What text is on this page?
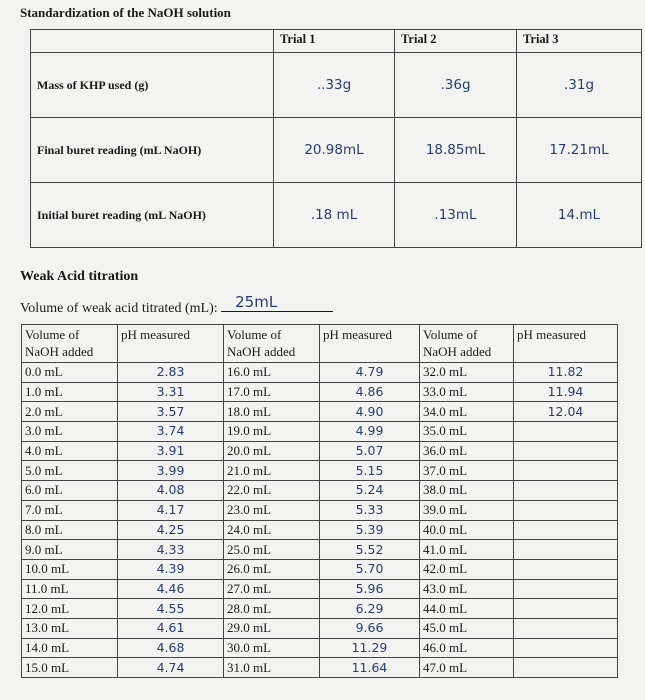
Standardization of the NaOH solution
	Trial 1	Trial 2	Trial 3
Mass of KHP used (g)	..33g	.36g	.31g
Final buret reading (mL NaOH)	20.98mL	18.85mL	17.21mL
Initial buret reading (mL NaOH)	.18 mL	.13mL	14.mL
Weak Acid titration
Volume of weak acid titrated (mL): 25mL
Volume of NaOH added	pH measured	Volume of NaOH added	pH measured	Volume of NaOH added	pH measured
0.0 mL	2.83	16.0 mL	4.79	32.0 mL	11.82
1.0 mL	3.31	17.0 mL	4.86	33.0 mL	11.94
2.0 mL	3.57	18.0 mL	4.90	34.0 mL	12.04
3.0 mL	3.74	19.0 mL	4.99	35.0 mL	
4.0 mL	3.91	20.0 mL	5.07	36.0 mL	
5.0 mL	3.99	21.0 mL	5.15	37.0 mL	
6.0 mL	4.08	22.0 mL	5.24	38.0 mL	
7.0 mL	4.17	23.0 mL	5.33	39.0 mL	
8.0 mL	4.25	24.0 mL	5.39	40.0 mL	
9.0 mL	4.33	25.0 mL	5.52	41.0 mL	
10.0 mL	4.39	26.0 mL	5.70	42.0 mL	
11.0 mL	4.46	27.0 mL	5.96	43.0 mL	
12.0 mL	4.55	28.0 mL	6.29	44.0 mL	
13.0 mL	4.61	29.0 mL	9.66	45.0 mL	
14.0 mL	4.68	30.0 mL	11.29	46.0 mL	
15.0 mL	4.74	31.0 mL	11.64	47.0 mL	
